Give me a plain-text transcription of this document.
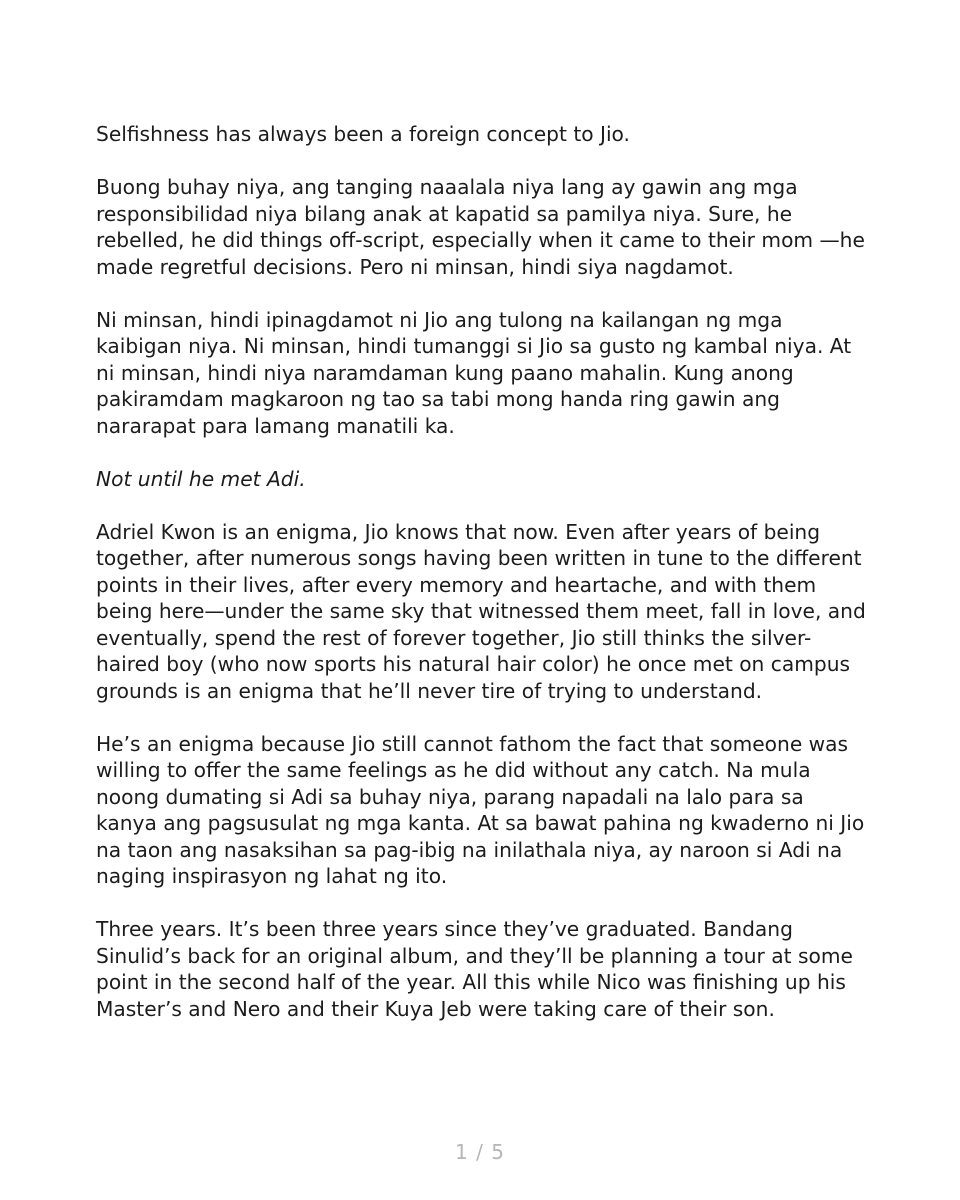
Selfishness has always been a foreign concept to Jio.

Buong buhay niya, ang tanging naaalala niya lang ay gawin ang mga responsibilidad niya bilang anak at kapatid sa pamilya niya. Sure, he rebelled, he did things off-script, especially when it came to their mom —he made regretful decisions. Pero ni minsan, hindi siya nagdamot.

Ni minsan, hindi ipinagdamot ni Jio ang tulong na kailangan ng mga kaibigan niya. Ni minsan, hindi tumanggi si Jio sa gusto ng kambal niya. At ni minsan, hindi niya naramdaman kung paano mahalin. Kung anong pakiramdam magkaroon ng tao sa tabi mong handa ring gawin ang nararapat para lamang manatili ka.

Not until he met Adi.

Adriel Kwon is an enigma, Jio knows that now. Even after years of being together, after numerous songs having been written in tune to the different points in their lives, after every memory and heartache, and with them being here—under the same sky that witnessed them meet, fall in love, and eventually, spend the rest of forever together, Jio still thinks the silver-haired boy (who now sports his natural hair color) he once met on campus grounds is an enigma that he’ll never tire of trying to understand.

He’s an enigma because Jio still cannot fathom the fact that someone was willing to offer the same feelings as he did without any catch. Na mula noong dumating si Adi sa buhay niya, parang napadali na lalo para sa kanya ang pagsusulat ng mga kanta. At sa bawat pahina ng kwaderno ni Jio na taon ang nasaksihan sa pag-ibig na inilathala niya, ay naroon si Adi na naging inspirasyon ng lahat ng ito.

Three years. It’s been three years since they’ve graduated. Bandang Sinulid’s back for an original album, and they’ll be planning a tour at some point in the second half of the year. All this while Nico was finishing up his Master’s and Nero and their Kuya Jeb were taking care of their son.

1 / 5
